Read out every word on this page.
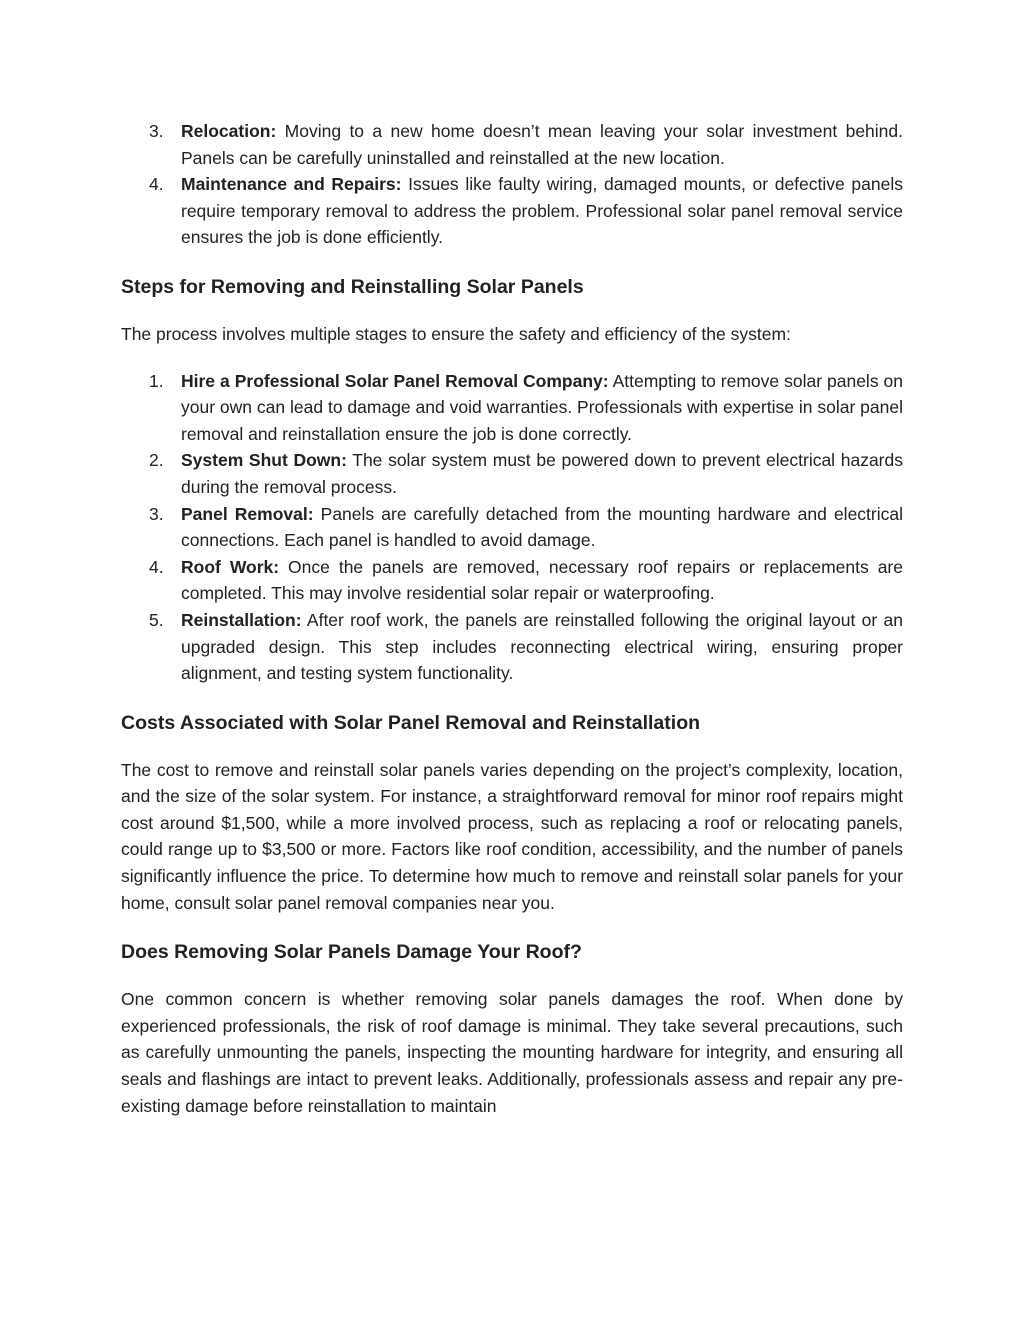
3. Relocation: Moving to a new home doesn’t mean leaving your solar investment behind. Panels can be carefully uninstalled and reinstalled at the new location.
4. Maintenance and Repairs: Issues like faulty wiring, damaged mounts, or defective panels require temporary removal to address the problem. Professional solar panel removal service ensures the job is done efficiently.
Steps for Removing and Reinstalling Solar Panels

The process involves multiple stages to ensure the safety and efficiency of the system:

1. Hire a Professional Solar Panel Removal Company: Attempting to remove solar panels on your own can lead to damage and void warranties. Professionals with expertise in solar panel removal and reinstallation ensure the job is done correctly.
2. System Shut Down: The solar system must be powered down to prevent electrical hazards during the removal process.
3. Panel Removal: Panels are carefully detached from the mounting hardware and electrical connections. Each panel is handled to avoid damage.
4. Roof Work: Once the panels are removed, necessary roof repairs or replacements are completed. This may involve residential solar repair or waterproofing.
5. Reinstallation: After roof work, the panels are reinstalled following the original layout or an upgraded design. This step includes reconnecting electrical wiring, ensuring proper alignment, and testing system functionality.
Costs Associated with Solar Panel Removal and Reinstallation

The cost to remove and reinstall solar panels varies depending on the project’s complexity, location, and the size of the solar system. For instance, a straightforward removal for minor roof repairs might cost around $1,500, while a more involved process, such as replacing a roof or relocating panels, could range up to $3,500 or more. Factors like roof condition, accessibility, and the number of panels significantly influence the price. To determine how much to remove and reinstall solar panels for your home, consult solar panel removal companies near you.

Does Removing Solar Panels Damage Your Roof?

One common concern is whether removing solar panels damages the roof. When done by experienced professionals, the risk of roof damage is minimal. They take several precautions, such as carefully unmounting the panels, inspecting the mounting hardware for integrity, and ensuring all seals and flashings are intact to prevent leaks. Additionally, professionals assess and repair any pre-existing damage before reinstallation to maintain
